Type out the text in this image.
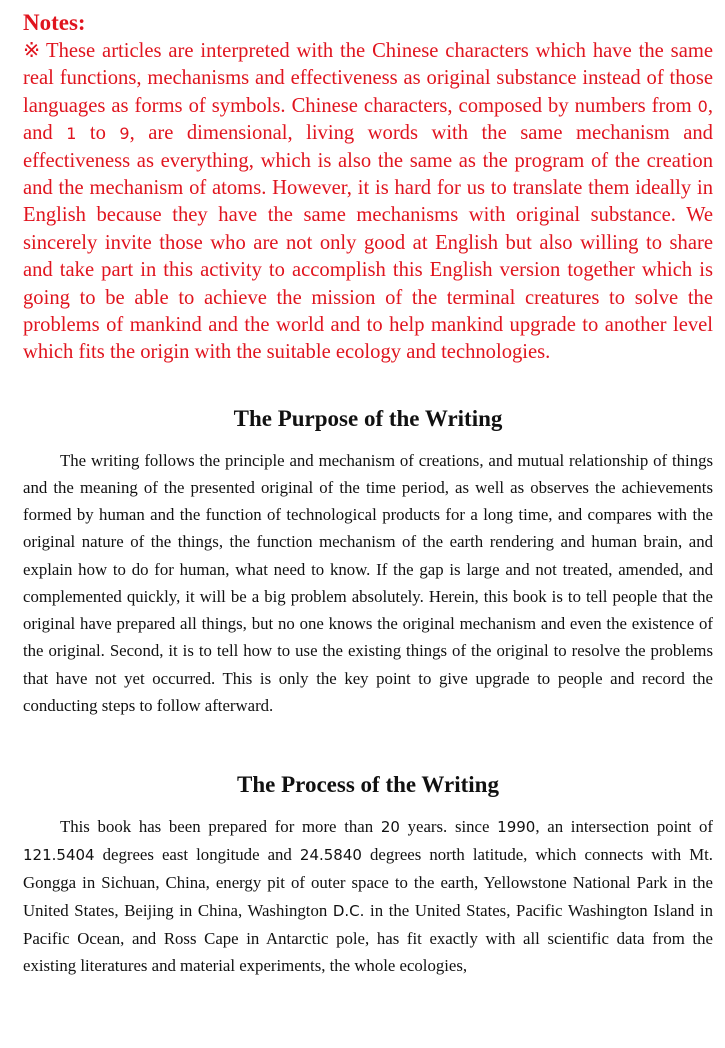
Notes:

※ These articles are interpreted with the Chinese characters which have the same real functions, mechanisms and effectiveness as original substance instead of those languages as forms of symbols. Chinese characters, composed by numbers from 0, and 1 to 9, are dimensional, living words with the same mechanism and effectiveness as everything, which is also the same as the program of the creation and the mechanism of atoms. However, it is hard for us to translate them ideally in English because they have the same mechanisms with original substance. We sincerely invite those who are not only good at English but also willing to share and take part in this activity to accomplish this English version together which is going to be able to achieve the mission of the terminal creatures to solve the problems of mankind and the world and to help mankind upgrade to another level which fits the origin with the suitable ecology and technologies.

The Purpose of the Writing

The writing follows the principle and mechanism of creations, and mutual relationship of things and the meaning of the presented original of the time period, as well as observes the achievements formed by human and the function of technological products for a long time, and compares with the original nature of the things, the function mechanism of the earth rendering and human brain, and explain how to do for human, what need to know. If the gap is large and not treated, amended, and complemented quickly, it will be a big problem absolutely. Herein, this book is to tell people that the original have prepared all things, but no one knows the original mechanism and even the existence of the original. Second, it is to tell how to use the existing things of the original to resolve the problems that have not yet occurred. This is only the key point to give upgrade to people and record the conducting steps to follow afterward.

The Process of the Writing

This book has been prepared for more than 20 years. since 1990, an intersection point of 121.5404 degrees east longitude and 24.5840 degrees north latitude, which connects with Mt. Gongga in Sichuan, China, energy pit of outer space to the earth, Yellowstone National Park in the United States, Beijing in China, Washington D.C. in the United States, Pacific Washington Island in Pacific Ocean, and Ross Cape in Antarctic pole, has fit exactly with all scientific data from the existing literatures and material experiments, the whole ecologies,
